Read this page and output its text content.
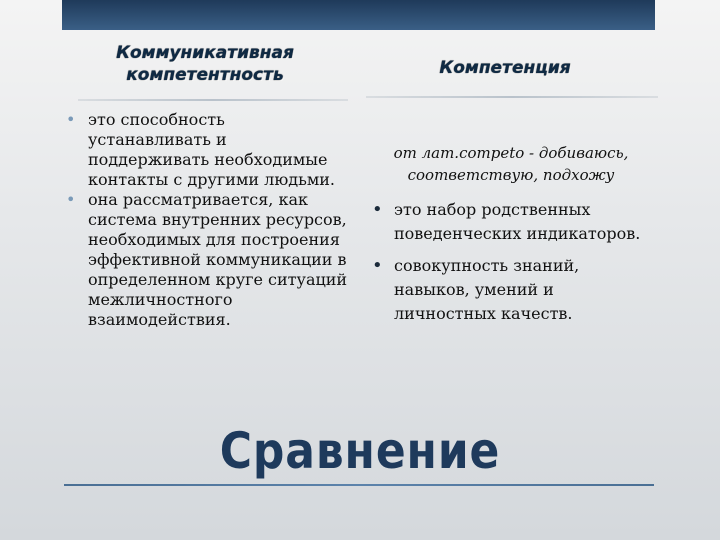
Коммуникативная
компетентность	Компетенция
• это способность устанавливать и поддерживать необходимые контакты с другими людьми.
• она рассматривается, как система внутренних ресурсов, необходимых для построения эффективной коммуникации в определенном круге ситуаций межличностного взаимодействия.

от лат.competo - добиваюсь, соответствую, подхожу

• это набор родственных поведенческих индикаторов.
• совокупность знаний, навыков, умений и личностных качеств.
Сравнение
